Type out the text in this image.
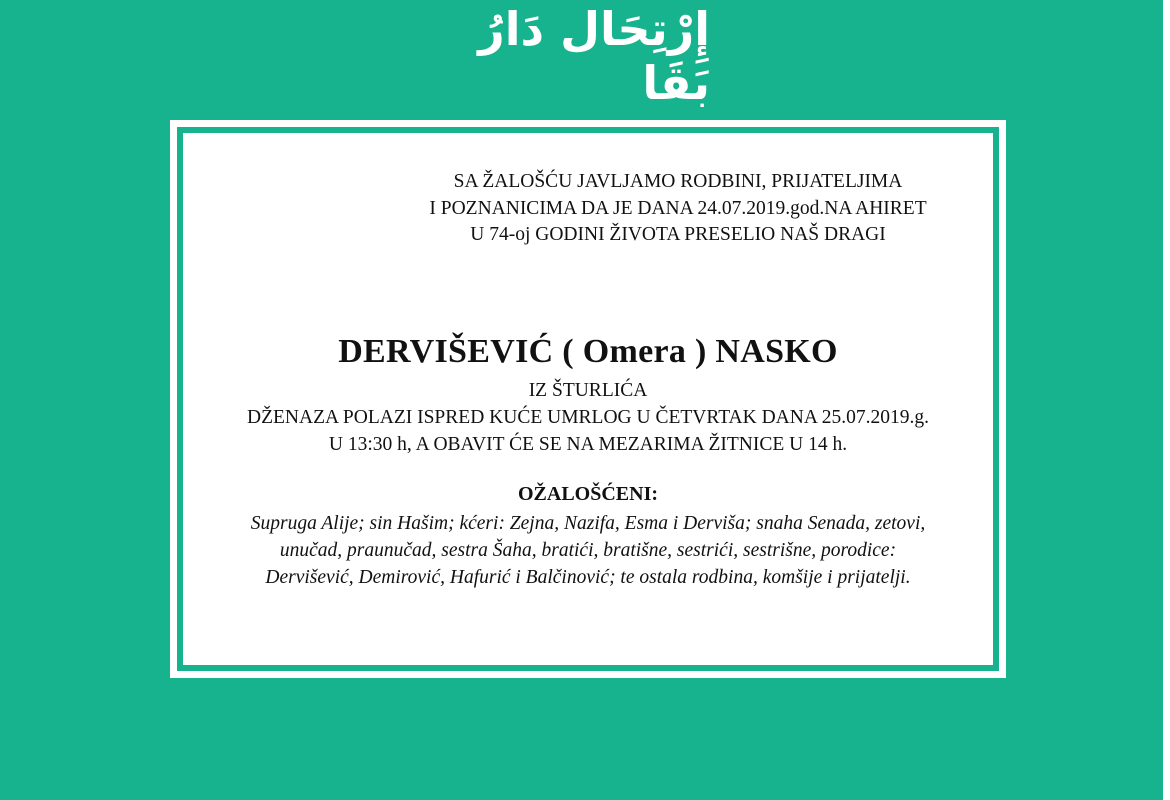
إِرْتِحَال دَارُ بَقَا
SA ŽALOŠĆU JAVLJAMO RODBINI, PRIJATELJIMA
I POZNANICIMA DA JE DANA 24.07.2019.god.NA AHIRET
U 74-oj GODINI ŽIVOTA PRESELIO NAŠ DRAGI
DERVIŠEVIĆ ( Omera ) NASKO
IZ ŠTURLIĆA
DŽENAZA POLAZI ISPRED KUĆE UMRLOG U ČETVRTAK DANA 25.07.2019.g.
U 13:30 h, A OBAVIT ĆE SE NA MEZARIMA ŽITNICE U 14 h.
OŽALOŠĆENI:
Supruga Alije; sin Hašim; kćeri: Zejna, Nazifa, Esma i Derviša; snaha Senada, zetovi,
unučad, praunučad, sestra Šaha, bratići, bratišne, sestrići, sestrišne, porodice:
Dervišević, Demirović, Hafurić i Balčinović; te ostala rodbina, komšije i prijatelji.
